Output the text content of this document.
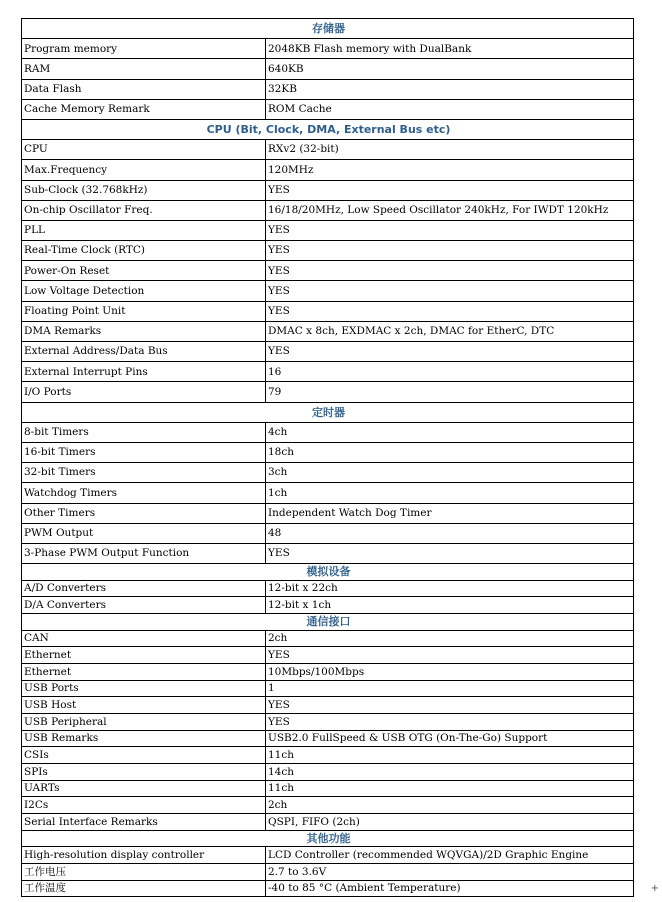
存储器	
Program memory	2048KB Flash memory with DualBank
RAM	640KB
Data Flash	32KB
Cache Memory Remark	ROM Cache
CPU (Bit, Clock, DMA, External Bus etc)	
CPU	RXv2 (32-bit)
Max.Frequency	120MHz
Sub-Clock (32.768kHz)	YES
On-chip Oscillator Freq.	16/18/20MHz, Low Speed Oscillator 240kHz, For IWDT 120kHz
PLL	YES
Real-Time Clock (RTC)	YES
Power-On Reset	YES
Low Voltage Detection	YES
Floating Point Unit	YES
DMA Remarks	DMAC x 8ch, EXDMAC x 2ch, DMAC for EtherC, DTC
External Address/Data Bus	YES
External Interrupt Pins	16
I/O Ports	79
定时器	
8-bit Timers	4ch
16-bit Timers	18ch
32-bit Timers	3ch
Watchdog Timers	1ch
Other Timers	Independent Watch Dog Timer
PWM Output	48
3-Phase PWM Output Function	YES
模拟设备	
A/D Converters	12-bit x 22ch
D/A Converters	12-bit x 1ch
通信接口	
CAN	2ch
Ethernet	YES
Ethernet	10Mbps/100Mbps
USB Ports	1
USB Host	YES
USB Peripheral	YES
USB Remarks	USB2.0 FullSpeed & USB OTG (On-The-Go) Support
CSIs	11ch
SPIs	14ch
UARTs	11ch
I2Cs	2ch
Serial Interface Remarks	QSPI, FIFO (2ch)
其他功能	
High-resolution display controller	LCD Controller (recommended WQVGA)/2D Graphic Engine
工作电压	2.7 to 3.6V
工作温度	-40 to 85 °C (Ambient Temperature)	+
